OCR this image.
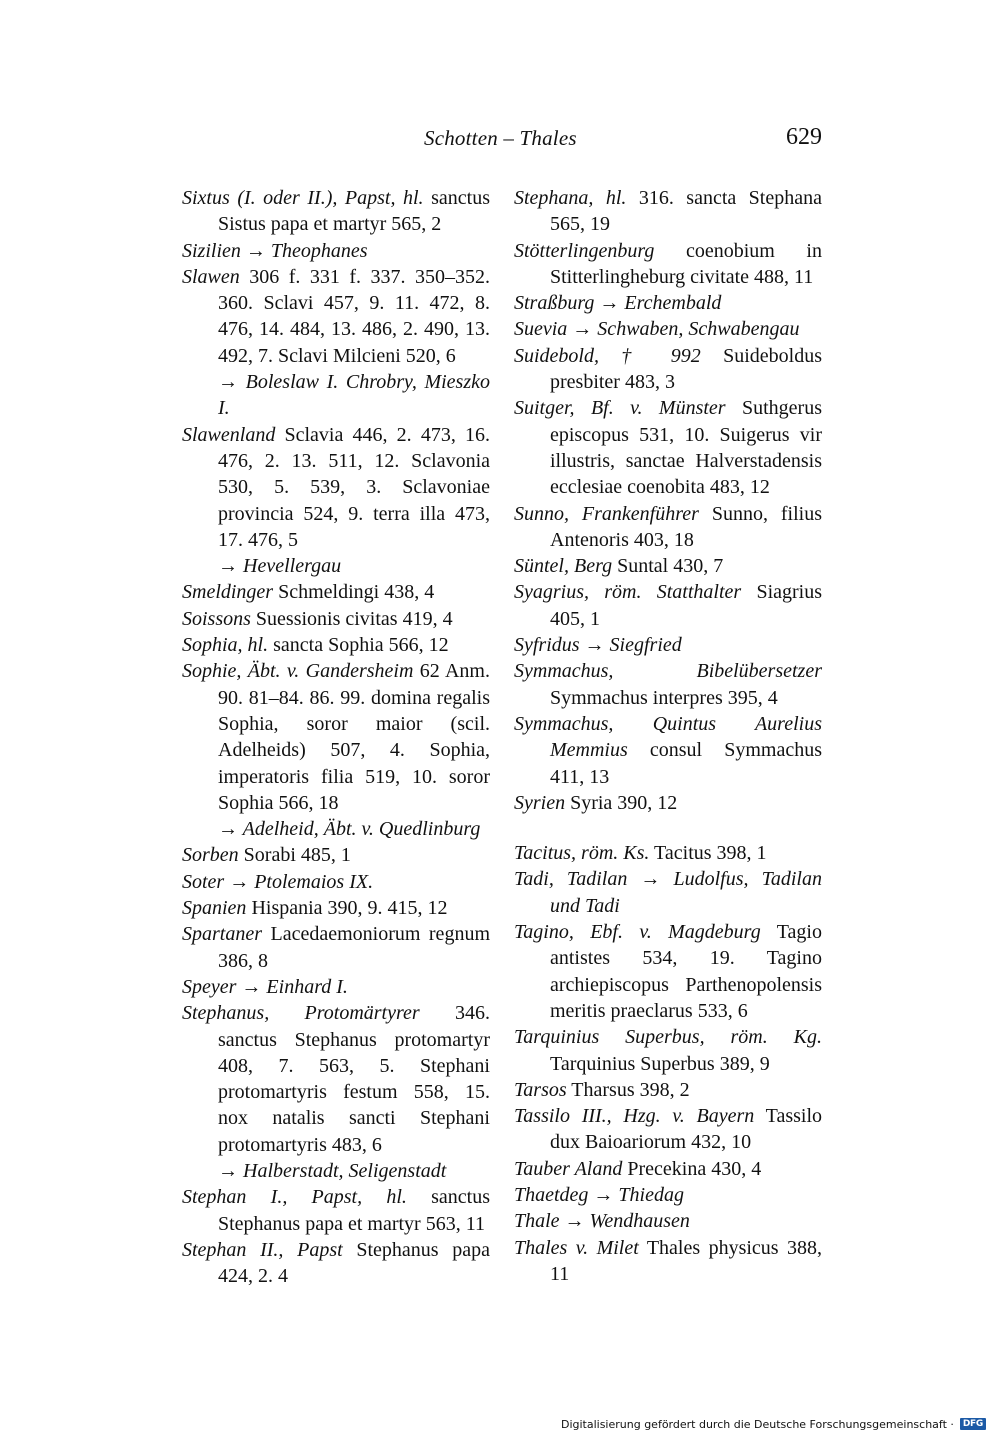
Schotten – Thales	629

Sixtus (I. oder II.), Papst, hl. sanctus Sistus papa et martyr 565, 2

Sizilien → Theophanes

Slawen 306 f. 331 f. 337. 350–352. 360. Sclavi 457, 9. 11. 472, 8. 476, 14. 484, 13. 486, 2. 490, 13. 492, 7. Sclavi Milcieni 520, 6

→ Boleslaw I. Chrobry, Mieszko I.

Slawenland Sclavia 446, 2. 473, 16. 476, 2. 13. 511, 12. Sclavonia 530, 5. 539, 3. Sclavoniae provincia 524, 9. terra illa 473, 17. 476, 5

→ Hevellergau

Smeldinger Schmeldingi 438, 4

Soissons Suessionis civitas 419, 4

Sophia, hl. sancta Sophia 566, 12

Sophie, Äbt. v. Gandersheim 62 Anm. 90. 81–84. 86. 99. domina regalis Sophia, soror maior (scil. Adelheids) 507, 4. Sophia, imperatoris filia 519, 10. soror Sophia 566, 18

→ Adelheid, Äbt. v. Quedlinburg

Sorben Sorabi 485, 1

Soter → Ptolemaios IX.

Spanien Hispania 390, 9. 415, 12

Spartaner Lacedaemoniorum regnum 386, 8

Speyer → Einhard I.

Stephanus, Protomärtyrer 346. sanctus Stephanus protomartyr 408, 7. 563, 5. Stephani protomartyris festum 558, 15. nox natalis sancti Stephani protomartyris 483, 6

→ Halberstadt, Seligenstadt

Stephan I., Papst, hl. sanctus Stephanus papa et martyr 563, 11

Stephan II., Papst Stephanus papa 424, 2. 4

Stephana, hl. 316. sancta Stephana 565, 19

Stötterlingenburg coenobium in Stitterlingheburg civitate 488, 11

Straßburg → Erchembald

Suevia → Schwaben, Schwabengau

Suidebold, † 992 Suideboldus presbiter 483, 3

Suitger, Bf. v. Münster Suthgerus episcopus 531, 10. Suigerus vir illustris, sanctae Halverstadensis ecclesiae coenobita 483, 12

Sunno, Frankenführer Sunno, filius Antenoris 403, 18

Süntel, Berg Suntal 430, 7

Syagrius, röm. Statthalter Siagrius 405, 1

Syfridus → Siegfried

Symmachus, Bibelübersetzer Symmachus interpres 395, 4

Symmachus, Quintus Aurelius Memmius consul Symmachus 411, 13

Syrien Syria 390, 12

Tacitus, röm. Ks. Tacitus 398, 1

Tadi, Tadilan → Ludolfus, Tadilan und Tadi

Tagino, Ebf. v. Magdeburg Tagio antistes 534, 19. Tagino archiepiscopus Parthenopolensis meritis praeclarus 533, 6

Tarquinius Superbus, röm. Kg. Tarquinius Superbus 389, 9

Tarsos Tharsus 398, 2

Tassilo III., Hzg. v. Bayern Tassilo dux Baioariorum 432, 10

Tauber Aland Precekina 430, 4

Thaetdeg → Thiedag

Thale → Wendhausen

Thales v. Milet Thales physicus 388, 11

Digitalisierung gefördert durch die Deutsche Forschungsgemeinschaft ·	DFG
